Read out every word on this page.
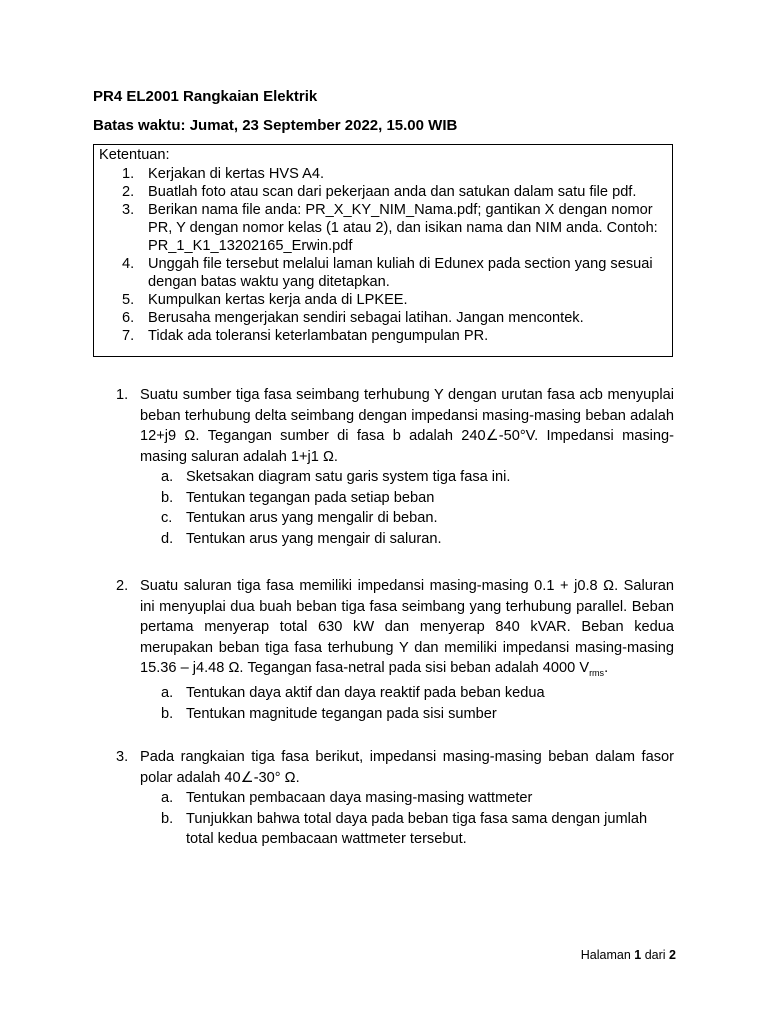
PR4 EL2001 Rangkaian Elektrik
Batas waktu: Jumat, 23 September 2022, 15.00 WIB
Ketentuan:
1. Kerjakan di kertas HVS A4.
2. Buatlah foto atau scan dari pekerjaan anda dan satukan dalam satu file pdf.
3. Berikan nama file anda: PR_X_KY_NIM_Nama.pdf; gantikan X dengan nomor PR, Y dengan nomor kelas (1 atau 2), dan isikan nama dan NIM anda. Contoh: PR_1_K1_13202165_Erwin.pdf
4. Unggah file tersebut melalui laman kuliah di Edunex pada section yang sesuai dengan batas waktu yang ditetapkan.
5. Kumpulkan kertas kerja anda di LPKEE.
6. Berusaha mengerjakan sendiri sebagai latihan. Jangan mencontek.
7. Tidak ada toleransi keterlambatan pengumpulan PR.
1. Suatu sumber tiga fasa seimbang terhubung Y dengan urutan fasa acb menyuplai beban terhubung delta seimbang dengan impedansi masing-masing beban adalah 12+j9 Ω. Tegangan sumber di fasa b adalah 240∠-50°V. Impedansi masing-masing saluran adalah 1+j1 Ω.
a. Sketsakan diagram satu garis system tiga fasa ini.
b. Tentukan tegangan pada setiap beban
c. Tentukan arus yang mengalir di beban.
d. Tentukan arus yang mengair di saluran.
2. Suatu saluran tiga fasa memiliki impedansi masing-masing 0.1 + j0.8 Ω. Saluran ini menyuplai dua buah beban tiga fasa seimbang yang terhubung parallel. Beban pertama menyerap total 630 kW dan menyerap 840 kVAR. Beban kedua merupakan beban tiga fasa terhubung Y dan memiliki impedansi masing-masing 15.36 – j4.48 Ω. Tegangan fasa-netral pada sisi beban adalah 4000 $V_{rms}$.
a. Tentukan daya aktif dan daya reaktif pada beban kedua
b. Tentukan magnitude tegangan pada sisi sumber
3. Pada rangkaian tiga fasa berikut, impedansi masing-masing beban dalam fasor polar adalah 40∠-30° Ω.
a. Tentukan pembacaan daya masing-masing wattmeter
b. Tunjukkan bahwa total daya pada beban tiga fasa sama dengan jumlah total kedua pembacaan wattmeter tersebut.
Halaman 1 dari 2
